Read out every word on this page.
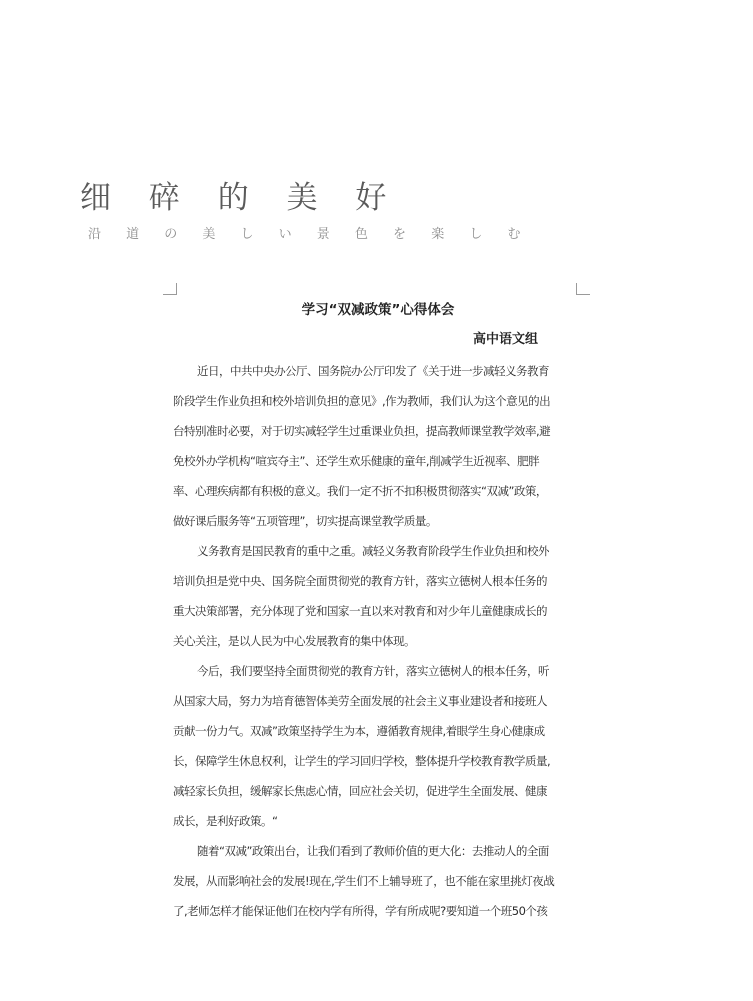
细 碎 的 美 好
沿 道 の 美 し い 景 色 を 楽 し む
学习“双减政策”心得体会
高中语文组
近日，中共中央办公厅、国务院办公厅印发了《关于进一步减轻义务教育
阶段学生作业负担和校外培训负担的意见》,作为教师，我们认为这个意见的出
台特别准时必要，对于切实减轻学生过重课业负担，提高教师课堂教学效率,避
免校外办学机构“喧宾夺主”、还学生欢乐健康的童年,削减学生近视率、肥胖
率、心理疾病都有积极的意义。我们一定不折不扣积极贯彻落实“双减”政策，
做好课后服务等“五项管理”，切实提高课堂教学质量。
义务教育是国民教育的重中之重。减轻义务教育阶段学生作业负担和校外
培训负担是党中央、国务院全面贯彻党的教育方针，落实立德树人根本任务的
重大决策部署，充分体现了党和国家一直以来对教育和对少年儿童健康成长的
关心关注，是以人民为中心发展教育的集中体现。
今后，我们要坚持全面贯彻党的教育方针，落实立德树人的根本任务，听
从国家大局，努力为培育德智体美劳全面发展的社会主义事业建设者和接班人
贡献一份力气。双减”政策坚持学生为本，遵循教育规律,着眼学生身心健康成
长，保障学生休息权利，让学生的学习回归学校，整体提升学校教育教学质量,
减轻家长负担，缓解家长焦虑心情，回应社会关切，促进学生全面发展、健康
成长，是利好政策。“
随着“双减”政策出台，让我们看到了教师价值的更大化：去推动人的全面
发展，从而影响社会的发展!现在,学生们不上辅导班了，也不能在家里挑灯夜战
了,老师怎样才能保证他们在校内学有所得，学有所成呢?要知道一个班50个孩
